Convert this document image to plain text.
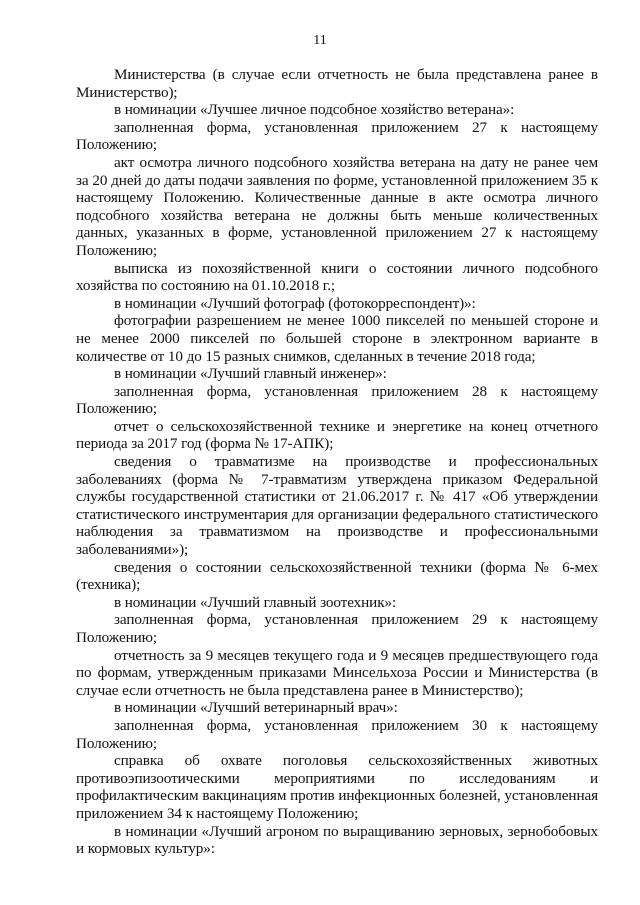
11

Министерства (в случае если отчетность не была представлена ранее в Министерство);

в номинации «Лучшее личное подсобное хозяйство ветерана»:

заполненная форма, установленная приложением 27 к настоящему Положению;

акт осмотра личного подсобного хозяйства ветерана на дату не ранее чем за 20 дней до даты подачи заявления по форме, установленной приложением 35 к настоящему Положению. Количественные данные в акте осмотра личного подсобного хозяйства ветерана не должны быть меньше количественных данных, указанных в форме, установленной приложением 27 к настоящему Положению;

выписка из похозяйственной книги о состоянии личного подсобного хозяйства по состоянию на 01.10.2018 г.;

в номинации «Лучший фотограф (фотокорреспондент)»:

фотографии разрешением не менее 1000 пикселей по меньшей стороне и не менее 2000 пикселей по большей стороне в электронном варианте в количестве от 10 до 15 разных снимков, сделанных в течение 2018 года;

в номинации «Лучший главный инженер»:

заполненная форма, установленная приложением 28 к настоящему Положению;

отчет о сельскохозяйственной технике и энергетике на конец отчетного периода за 2017 год (форма № 17-АПК);

сведения о травматизме на производстве и профессиональных заболеваниях (форма № 7-травматизм утверждена приказом Федеральной службы государственной статистики от 21.06.2017 г. № 417 «Об утверждении статистического инструментария для организации федерального статистического наблюдения за травматизмом на производстве и профессиональными заболеваниями»);

сведения о состоянии сельскохозяйственной техники (форма № 6-мех (техника);

в номинации «Лучший главный зоотехник»:

заполненная форма, установленная приложением 29 к настоящему Положению;

отчетность за 9 месяцев текущего года и 9 месяцев предшествующего года по формам, утвержденным приказами Минсельхоза России и Министерства (в случае если отчетность не была представлена ранее в Министерство);

в номинации «Лучший ветеринарный врач»:

заполненная форма, установленная приложением 30 к настоящему Положению;

справка об охвате поголовья сельскохозяйственных животных противоэпизоотическими мероприятиями по исследованиям и профилактическим вакцинациям против инфекционных болезней, установленная приложением 34 к настоящему Положению;

в номинации «Лучший агроном по выращиванию зерновых, зернобобовых и кормовых культур»:
